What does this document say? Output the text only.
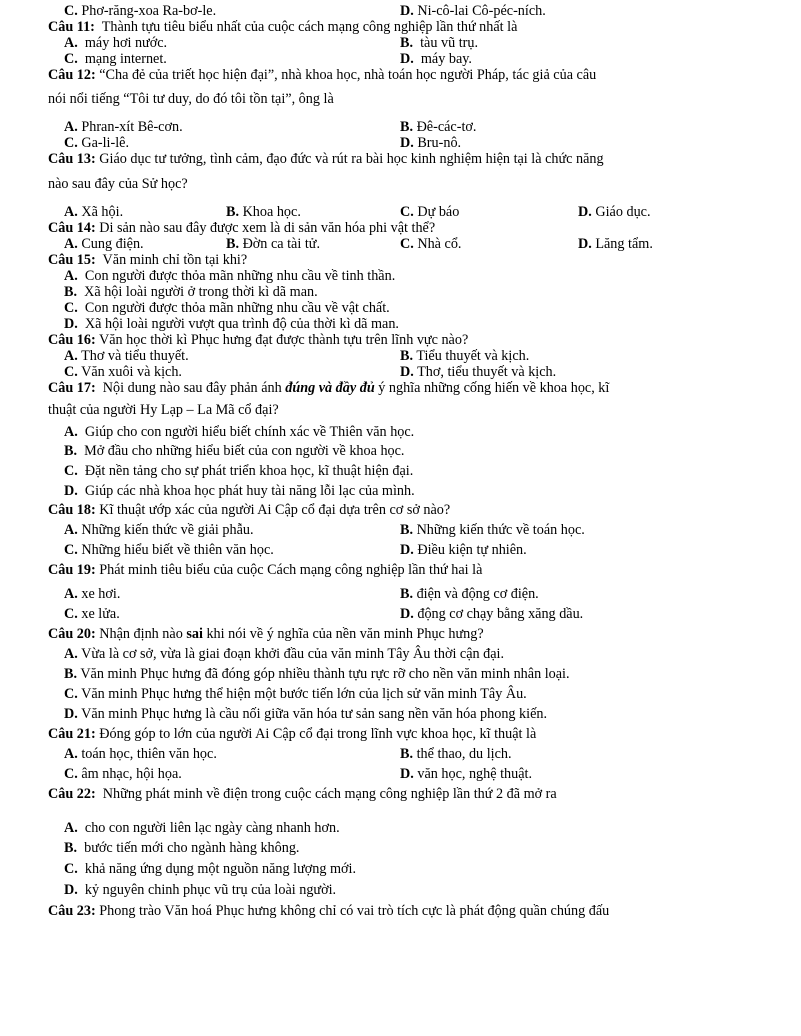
C. Phơ-răng-xoa Ra-bơ-le.	D. Ni-cô-lai Cô-péc-ních.
Câu 11: Thành tựu tiêu biểu nhất của cuộc cách mạng công nghiệp lần thứ nhất là
A. máy hơi nước.	B. tàu vũ trụ.
C. mạng internet.	D. máy bay.
Câu 12: “Cha đẻ của triết học hiện đại”, nhà khoa học, nhà toán học người Pháp, tác giả của câu
nói nổi tiếng “Tôi tư duy, do đó tôi tồn tại”, ông là
A. Phran-xít Bê-cơn.	B. Đê-các-tơ.
C. Ga-li-lê.	D. Bru-nô.
Câu 13: Giáo dục tư tưởng, tình cảm, đạo đức và rút ra bài học kinh nghiệm hiện tại là chức năng
nào sau đây của Sử học?
A. Xã hội.	B. Khoa học.	C. Dự báo	D. Giáo dục.
Câu 14: Di sản nào sau đây được xem là di sản văn hóa phi vật thể?
A. Cung điện.	B. Đờn ca tài tử.	C. Nhà cổ.	D. Lăng tẩm.
Câu 15: Văn minh chỉ tồn tại khi?
A. Con người được thỏa mãn những nhu cầu về tinh thần.
B. Xã hội loài người ở trong thời kì dã man.
C. Con người được thỏa mãn những nhu cầu về vật chất.
D. Xã hội loài người vượt qua trình độ của thời kì dã man.
Câu 16: Văn học thời kì Phục hưng đạt được thành tựu trên lĩnh vực nào?
A. Thơ và tiểu thuyết.	B. Tiểu thuyết và kịch.
C. Văn xuôi và kịch.	D. Thơ, tiểu thuyết và kịch.
Câu 17: Nội dung nào sau đây phản ánh đúng và đầy đủ ý nghĩa những cống hiến về khoa học, kĩ
thuật của người Hy Lạp – La Mã cổ đại?
A. Giúp cho con người hiểu biết chính xác về Thiên văn học.
B. Mở đầu cho những hiểu biết của con người về khoa học.
C. Đặt nền tảng cho sự phát triển khoa học, kĩ thuật hiện đại.
D. Giúp các nhà khoa học phát huy tài năng lỗi lạc của mình.
Câu 18: Kĩ thuật ướp xác của người Ai Cập cổ đại dựa trên cơ sở nào?
A. Những kiến thức về giải phẫu.	B. Những kiến thức về toán học.
C. Những hiểu biết về thiên văn học.	D. Điều kiện tự nhiên.
Câu 19: Phát minh tiêu biểu của cuộc Cách mạng công nghiệp lần thứ hai là
A. xe hơi.	B. điện và động cơ điện.
C. xe lửa.	D. động cơ chạy bằng xăng dầu.
Câu 20: Nhận định nào sai khi nói về ý nghĩa của nền văn minh Phục hưng?
A. Vừa là cơ sở, vừa là giai đoạn khởi đầu của văn minh Tây Âu thời cận đại.
B. Văn minh Phục hưng đã đóng góp nhiều thành tựu rực rỡ cho nền văn minh nhân loại.
C. Văn minh Phục hưng thể hiện một bước tiến lớn của lịch sử văn minh Tây Âu.
D. Văn minh Phục hưng là cầu nối giữa văn hóa tư sản sang nền văn hóa phong kiến.
Câu 21: Đóng góp to lớn của người Ai Cập cổ đại trong lĩnh vực khoa học, kĩ thuật là
A. toán học, thiên văn học.	B. thể thao, du lịch.
C. âm nhạc, hội họa.	D. văn học, nghệ thuật.
Câu 22: Những phát minh về điện trong cuộc cách mạng công nghiệp lần thứ 2 đã mở ra
A. cho con người liên lạc ngày càng nhanh hơn.
B. bước tiến mới cho ngành hàng không.
C. khả năng ứng dụng một nguồn năng lượng mới.
D. kỷ nguyên chinh phục vũ trụ của loài người.
Câu 23: Phong trào Văn hoá Phục hưng không chỉ có vai trò tích cực là phát động quần chúng đấu
